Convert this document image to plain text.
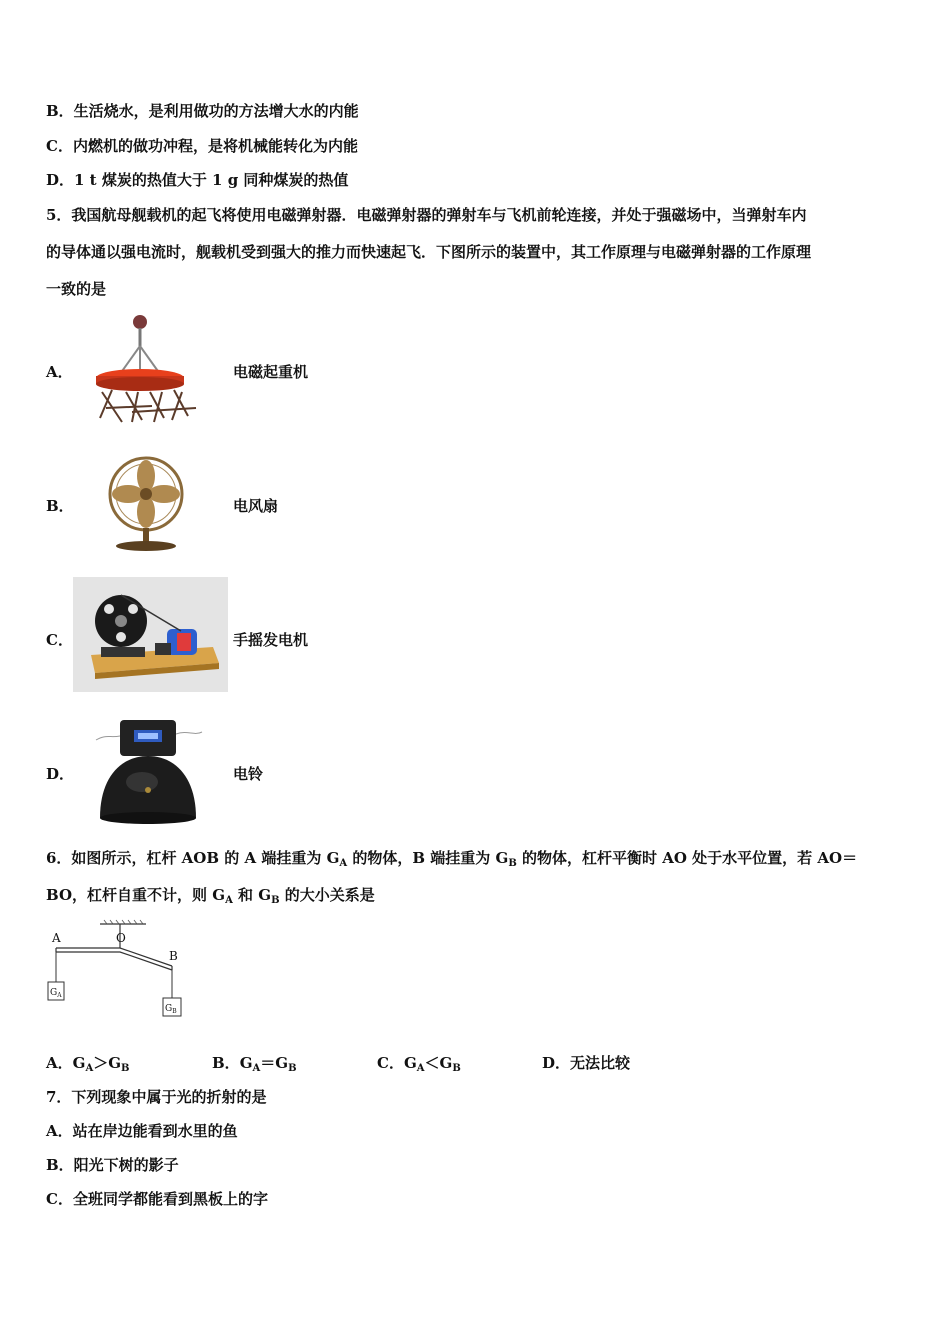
B．生活烧水，是利用做功的方法增大水的内能
C．内燃机的做功冲程，是将机械能转化为内能
D．1 t 煤炭的热值大于 1 g 同种煤炭的热值
5．我国航母舰载机的起飞将使用电磁弹射器．电磁弹射器的弹射车与飞机前轮连接，并处于强磁场中，当弹射车内
的导体通以强电流时，舰载机受到强大的推力而快速起飞．下图所示的装置中，其工作原理与电磁弹射器的工作原理
一致的是
A．	电磁起重机
B．	电风扇
C．	手摇发电机
D．	电铃
6．如图所示，杠杆 AOB 的 A 端挂重为 $G_A$ 的物体，B 端挂重为 $G_B$ 的物体，杠杆平衡时 AO 处于水平位置，若 AO＝
BO，杠杆自重不计，则 $G_A$ 和 $G_B$ 的大小关系是
A	O
B
$G_A$
$G_B$
A．$G_A>G_B$	B．$G_A=G_B$	C．$G_A<G_B$	D．无法比较
7．下列现象中属于光的折射的是
A．站在岸边能看到水里的鱼
B．阳光下树的影子
C．全班同学都能看到黑板上的字
